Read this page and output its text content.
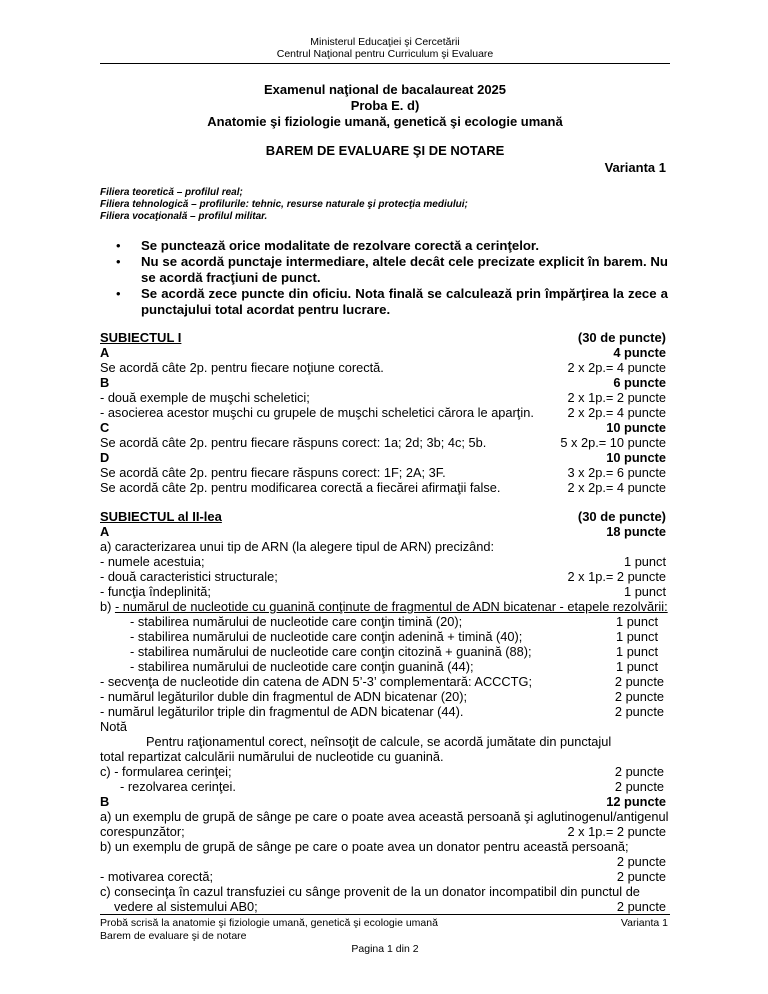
Ministerul Educaţiei şi Cercetării
Centrul Naţional pentru Curriculum şi Evaluare
Examenul naţional de bacalaureat 2025
Proba E. d)
Anatomie şi fiziologie umană, genetică şi ecologie umană
BAREM DE EVALUARE ŞI DE NOTARE
Varianta 1
Filiera teoretică – profilul real;
Filiera tehnologică – profilurile: tehnic, resurse naturale şi protecţia mediului;
Filiera vocaţională – profilul militar.
• Se punctează orice modalitate de rezolvare corectă a cerinţelor.
• Nu se acordă punctaje intermediare, altele decât cele precizate explicit în barem. Nu se acordă fracţiuni de punct.
• Se acordă zece puncte din oficiu. Nota finală se calculează prin împărţirea la zece a punctajului total acordat pentru lucrare.
SUBIECTUL I	(30 de puncte)
A	4 puncte
Se acordă câte 2p. pentru fiecare noţiune corectă.	2 x 2p.= 4 puncte
B	6 puncte
- două exemple de muşchi scheletici;	2 x 1p.= 2 puncte
- asocierea acestor muşchi cu grupele de muşchi scheletici cărora le aparţin.	2 x 2p.= 4 puncte
C	10 puncte
Se acordă câte 2p. pentru fiecare răspuns corect: 1a; 2d; 3b; 4c; 5b.	5 x 2p.= 10 puncte
D	10 puncte
Se acordă câte 2p. pentru fiecare răspuns corect: 1F; 2A; 3F.	3 x 2p.= 6 puncte
Se acordă câte 2p. pentru modificarea corectă a fiecărei afirmaţii false.	2 x 2p.= 4 puncte
SUBIECTUL al II-lea	(30 de puncte)
A	18 puncte
a) caracterizarea unui tip de ARN (la alegere tipul de ARN) precizând:
- numele acestuia;	1 punct
- două caracteristici structurale;	2 x 1p.= 2 puncte
- funcţia îndeplinită;	1 punct
b) - numărul de nucleotide cu guanină conţinute de fragmentul de ADN bicatenar - etapele rezolvării:
- stabilirea numărului de nucleotide care conţin timină (20);	1 punct
- stabilirea numărului de nucleotide care conţin adenină + timină (40);	1 punct
- stabilirea numărului de nucleotide care conţin citozină + guanină (88);	1 punct
- stabilirea numărului de nucleotide care conţin guanină (44);	1 punct
- secvenţa de nucleotide din catena de ADN 5’-3’ complementară: ACCCTG;	2 puncte
- numărul legăturilor duble din fragmentul de ADN bicatenar (20);	2 puncte
- numărul legăturilor triple din fragmentul de ADN bicatenar (44).	2 puncte
Notă
Pentru raţionamentul corect, neînsoţit de calcule, se acordă jumătate din punctajul
total repartizat calculării numărului de nucleotide cu guanină.
c) - formularea cerinţei;	2 puncte
- rezolvarea cerinţei.	2 puncte
B	12 puncte
a) un exemplu de grupă de sânge pe care o poate avea această persoană şi aglutinogenul/antigenul
corespunzător;	2 x 1p.= 2 puncte
b) un exemplu de grupă de sânge pe care o poate avea un donator pentru această persoană;
2 puncte
- motivarea corectă;	2 puncte
c) consecinţa în cazul transfuziei cu sânge provenit de la un donator incompatibil din punctul de
vedere al sistemului AB0;	2 puncte
Probă scrisă la anatomie şi fiziologie umană, genetică şi ecologie umană	Varianta 1
Barem de evaluare şi de notare
Pagina 1 din 2
